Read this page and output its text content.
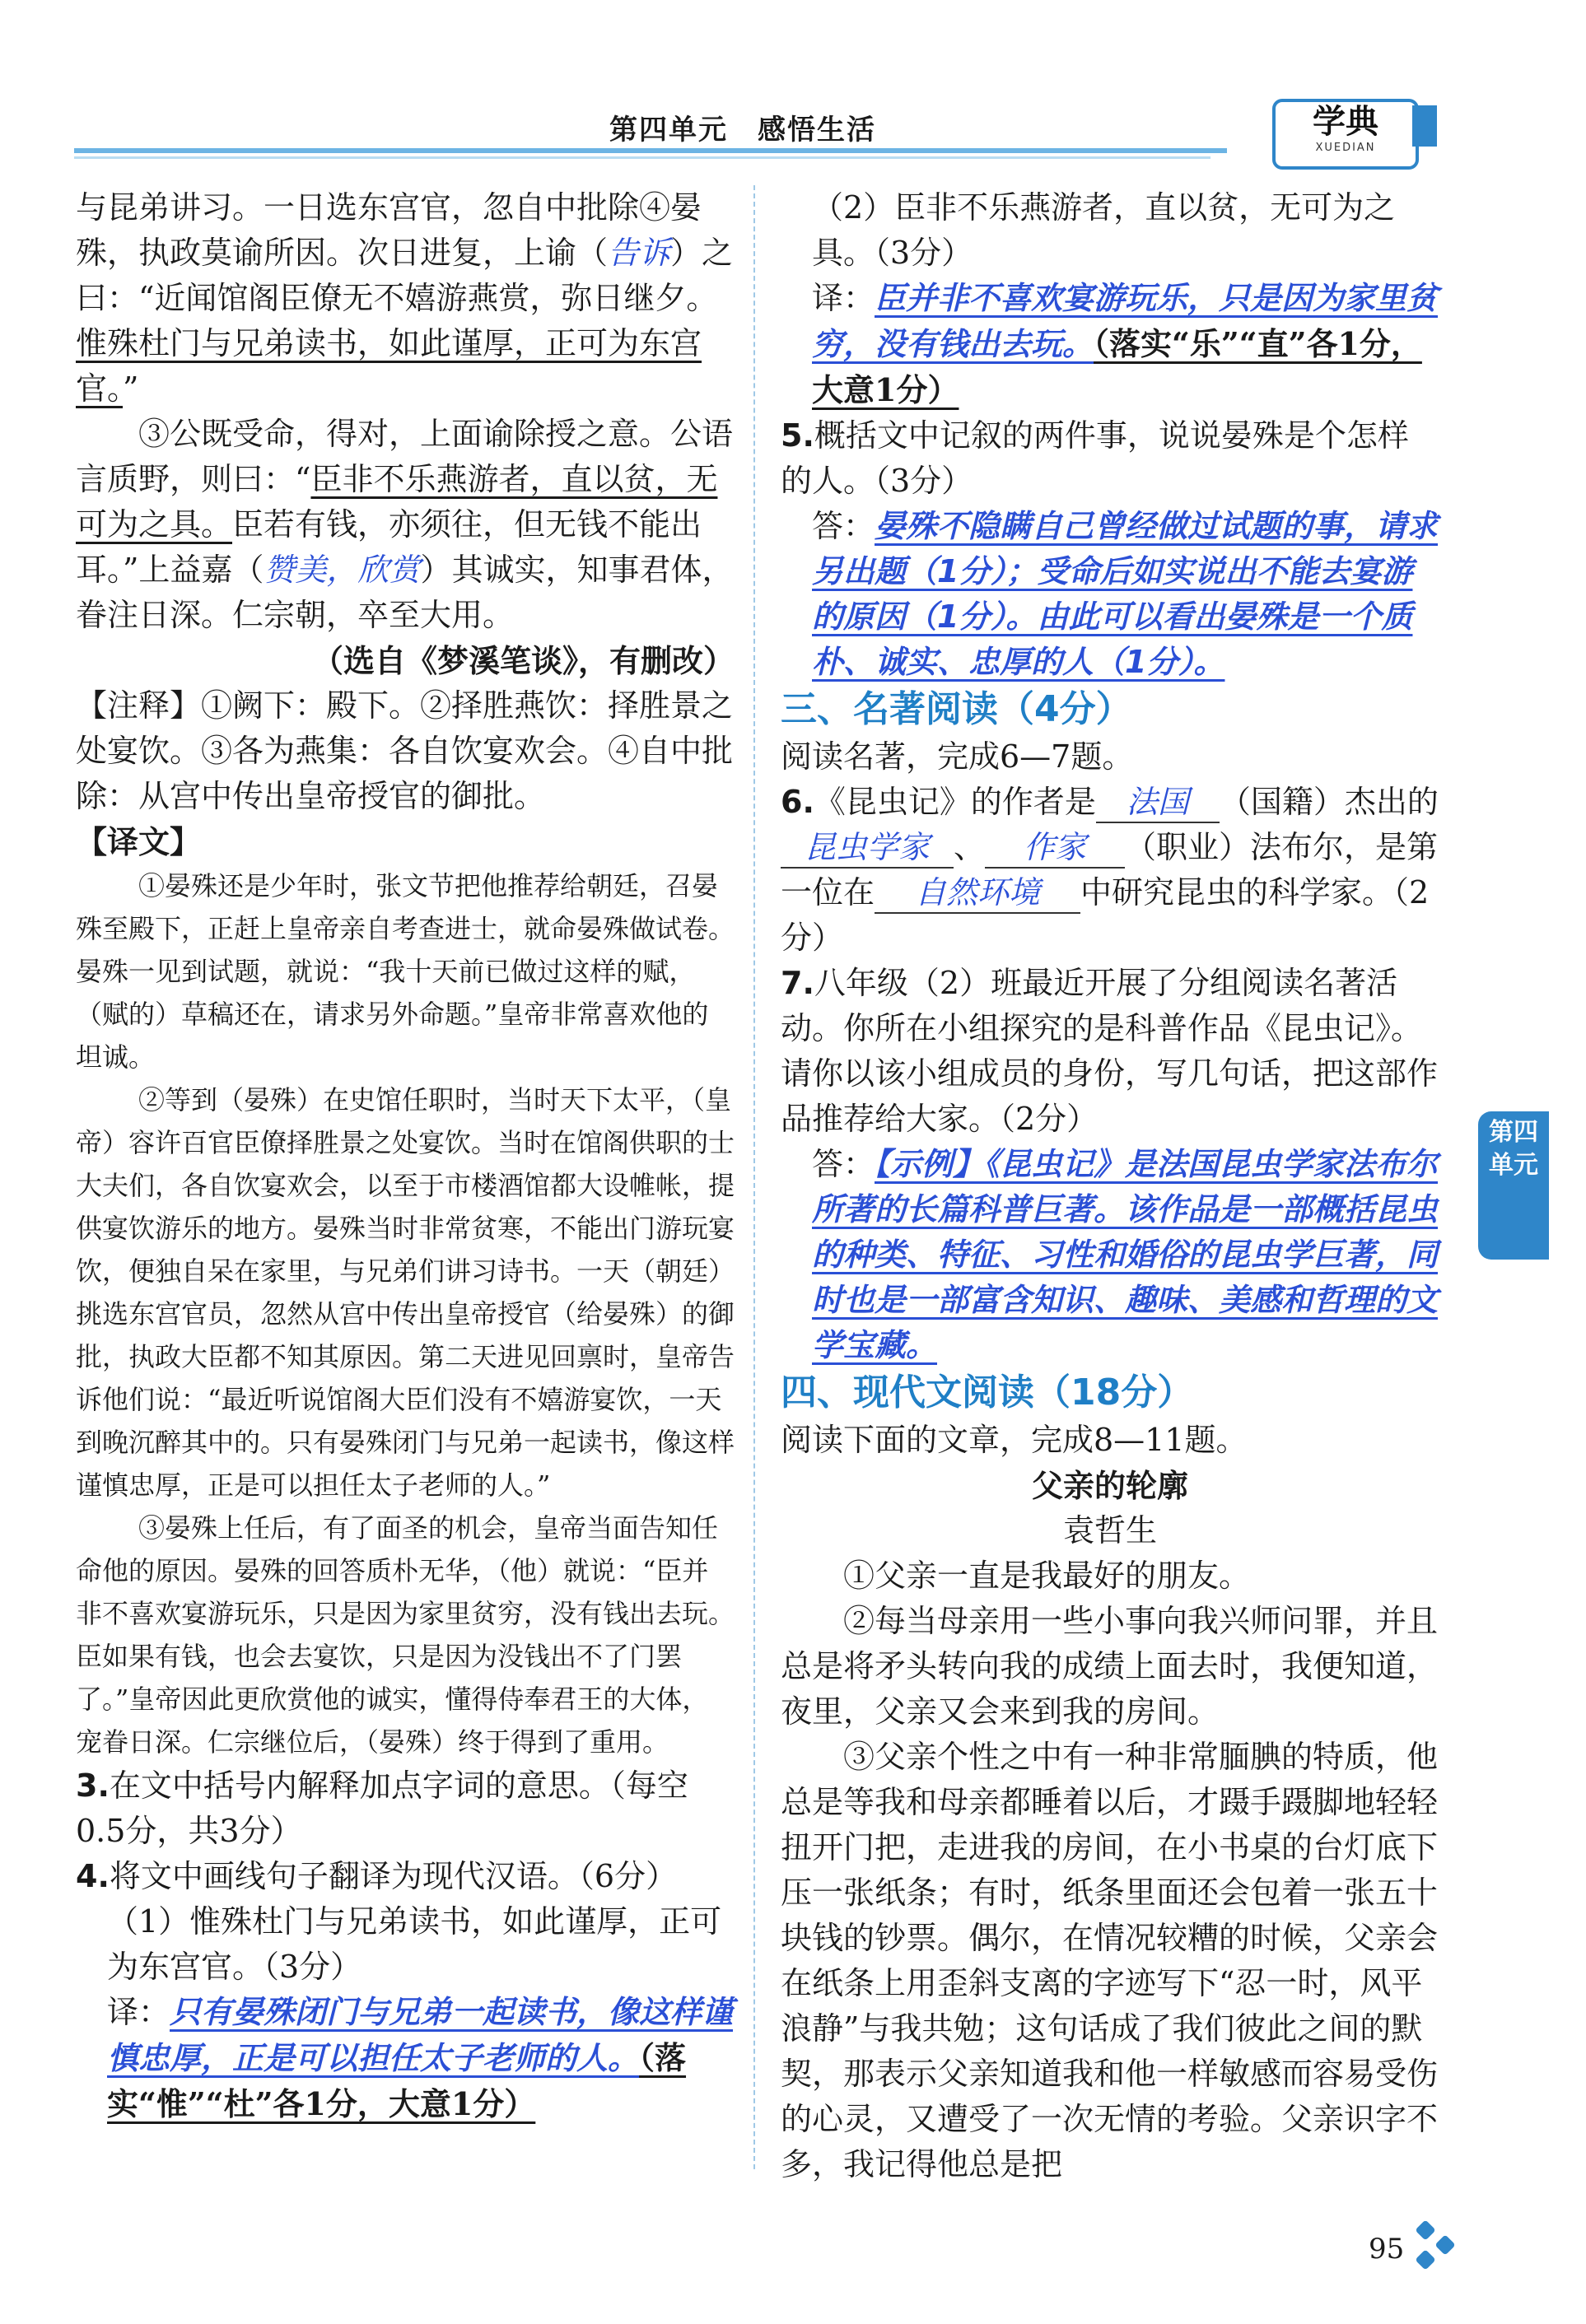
第四单元　感悟生活	学典
XUEDIAN

与昆弟讲习。一日选东宫官，忽自中批除④晏殊，执政莫谕所因。次日进复，上谕（告诉）之曰：“近闻馆阁臣僚无不嬉游燕赏，弥日继夕。惟殊杜门与兄弟读书，如此谨厚，正可为东宫官。”

③公既受命，得对，上面谕除授之意。公语言质野，则曰：“臣非不乐燕游者，直以贫，无可为之具。臣若有钱，亦须往，但无钱不能出耳。”上益嘉（赞美，欣赏）其诚实，知事君体，眷注日深。仁宗朝，卒至大用。

（选自《梦溪笔谈》，有删改）

【注释】①阙下：殿下。②择胜燕饮：择胜景之处宴饮。③各为燕集：各自饮宴欢会。④自中批除：从宫中传出皇帝授官的御批。

【译文】

①晏殊还是少年时，张文节把他推荐给朝廷，召晏殊至殿下，正赶上皇帝亲自考查进士，就命晏殊做试卷。晏殊一见到试题，就说：“我十天前已做过这样的赋，（赋的）草稿还在，请求另外命题。”皇帝非常喜欢他的坦诚。

②等到（晏殊）在史馆任职时，当时天下太平，（皇帝）容许百官臣僚择胜景之处宴饮。当时在馆阁供职的士大夫们，各自饮宴欢会，以至于市楼酒馆都大设帷帐，提供宴饮游乐的地方。晏殊当时非常贫寒，不能出门游玩宴饮，便独自呆在家里，与兄弟们讲习诗书。一天（朝廷）挑选东宫官员，忽然从宫中传出皇帝授官（给晏殊）的御批，执政大臣都不知其原因。第二天进见回禀时，皇帝告诉他们说：“最近听说馆阁大臣们没有不嬉游宴饮，一天到晚沉醉其中的。只有晏殊闭门与兄弟一起读书，像这样谨慎忠厚，正是可以担任太子老师的人。”

③晏殊上任后，有了面圣的机会，皇帝当面告知任命他的原因。晏殊的回答质朴无华，（他）就说：“臣并非不喜欢宴游玩乐，只是因为家里贫穷，没有钱出去玩。臣如果有钱，也会去宴饮，只是因为没钱出不了门罢了。”皇帝因此更欣赏他的诚实，懂得侍奉君王的大体，宠眷日深。仁宗继位后，（晏殊）终于得到了重用。

3.在文中括号内解释加点字词的意思。（每空0.5分，共3分）

4.将文中画线句子翻译为现代汉语。（6分）

（1）惟殊杜门与兄弟读书，如此谨厚，正可为东宫官。（3分）

译：只有晏殊闭门与兄弟一起读书，像这样谨慎忠厚，正是可以担任太子老师的人。（落实“惟”“杜”各1分，大意1分）

（2）臣非不乐燕游者，直以贫，无可为之具。（3分）

译：臣并非不喜欢宴游玩乐，只是因为家里贫穷，没有钱出去玩。（落实“乐”“直”各1分，大意1分）

5.概括文中记叙的两件事，说说晏殊是个怎样的人。（3分）

答：晏殊不隐瞒自己曾经做过试题的事，请求另出题（1分）；受命后如实说出不能去宴游的原因（1分）。由此可以看出晏殊是一个质朴、诚实、忠厚的人（1分）。

三、名著阅读（4分）

阅读名著，完成6—7题。

6.《昆虫记》的作者是 法国 （国籍）杰出的昆虫学家 、 作家 （职业）法布尔，是第一位在 自然环境 中研究昆虫的科学家。（2分）

7.八年级（2）班最近开展了分组阅读名著活动。你所在小组探究的是科普作品《昆虫记》。请你以该小组成员的身份，写几句话，把这部作品推荐给大家。（2分）

答：【示例】《昆虫记》是法国昆虫学家法布尔所著的长篇科普巨著。该作品是一部概括昆虫的种类、特征、习性和婚俗的昆虫学巨著，同时也是一部富含知识、趣味、美感和哲理的文学宝藏。

四、现代文阅读（18分）

阅读下面的文章，完成8—11题。

父亲的轮廓

袁哲生

①父亲一直是我最好的朋友。

②每当母亲用一些小事向我兴师问罪，并且总是将矛头转向我的成绩上面去时，我便知道，夜里，父亲又会来到我的房间。

③父亲个性之中有一种非常腼腆的特质，他总是等我和母亲都睡着以后，才蹑手蹑脚地轻轻扭开门把，走进我的房间，在小书桌的台灯底下压一张纸条；有时，纸条里面还会包着一张五十块钱的钞票。偶尔，在情况较糟的时候，父亲会在纸条上用歪斜支离的字迹写下“忍一时，风平浪静”与我共勉；这句话成了我们彼此之间的默契，那表示父亲知道我和他一样敏感而容易受伤的心灵，又遭受了一次无情的考验。父亲识字不多，我记得他总是把

第四单元
95
